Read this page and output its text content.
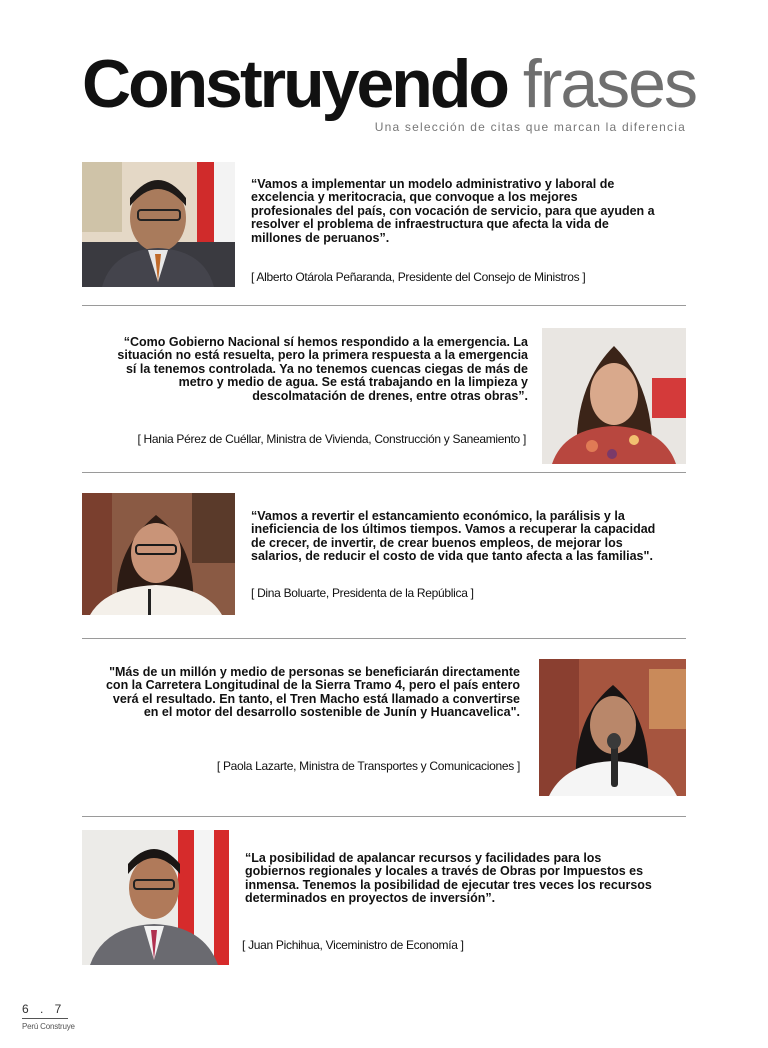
Construyendo frases
Una selección de citas que marcan la diferencia

“Vamos a implementar un modelo administrativo y laboral de excelencia y meritocracia, que convoque a los mejores profesionales del país, con vocación de servicio, para que ayuden a resolver el problema de infraestructura que afecta la vida de millones de peruanos”.

[ Alberto Otárola Peñaranda, Presidente del Consejo de Ministros ]

“Como Gobierno Nacional sí hemos respondido a la emergencia. La situación no está resuelta, pero la primera respuesta a la emergencia sí la tenemos controlada. Ya no tenemos cuencas ciegas de más de metro y medio de agua. Se está trabajando en la limpieza y descolmatación de drenes, entre otras obras”.

[ Hania Pérez de Cuéllar, Ministra de Vivienda, Construcción y Saneamiento ]

“Vamos a revertir el estancamiento económico, la parálisis y la ineficiencia de los últimos tiempos. Vamos a recuperar la capacidad de crecer, de invertir, de crear buenos empleos, de mejorar los salarios, de reducir el costo de vida que tanto afecta a las familias".

[ Dina Boluarte, Presidenta de la República ]

"Más de un millón y medio de personas se beneficiarán directamente con la Carretera Longitudinal de la Sierra Tramo 4, pero el país entero verá el resultado. En tanto, el Tren Macho está llamado a convertirse en el motor del desarrollo sostenible de Junín y Huancavelica".

[ Paola Lazarte, Ministra de Transportes y Comunicaciones ]

“La posibilidad de apalancar recursos y facilidades para los gobiernos regionales y locales a través de Obras por Impuestos es inmensa. Tenemos la posibilidad de ejecutar tres veces los recursos determinados en proyectos de inversión”.

[ Juan Pichihua, Viceministro de Economía ]
6 . 7
Perú Construye
